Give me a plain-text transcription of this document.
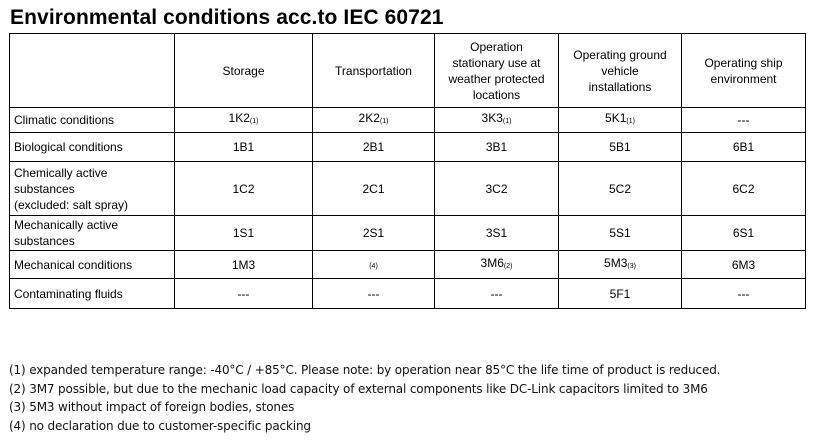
Environmental conditions acc.to IEC 60721

	Storage	Transportation	Operation
stationary use at
weather protected
locations	Operating ground
vehicle
installations	Operating ship
environment

Climatic conditions	1K2(1)	2K2(1)	3K3(1)	5K1(1)	---

Biological conditions	1B1	2B1	3B1	5B1	6B1

Chemically active
substances
(excluded: salt spray)	1C2	2C1	3C2	5C2	6C2

Mechanically active
substances	1S1	2S1	3S1	5S1	6S1

Mechanical conditions	1M3	(4)	3M6(2)	5M3(3)	6M3

Contaminating fluids	---	---	---	5F1	---
(1) expanded temperature range: -40°C / +85°C. Please note: by operation near 85°C the life time of product is reduced.
(2) 3M7 possible, but due to the mechanic load capacity of external components like DC-Link capacitors limited to 3M6
(3) 5M3 without impact of foreign bodies, stones
(4) no declaration due to customer-specific packing
